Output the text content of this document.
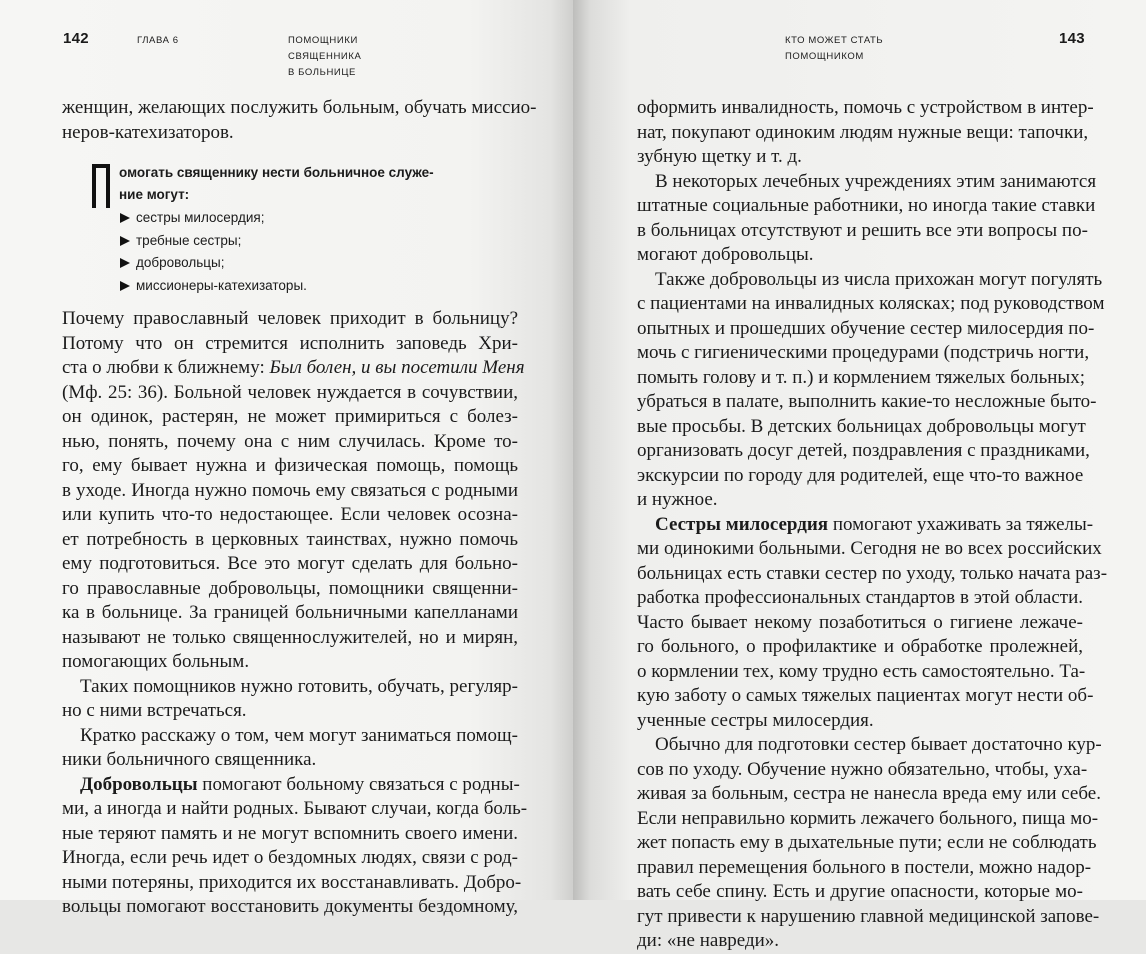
142	ГЛАВА 6	ПОМОЩНИКИ
СВЯЩЕННИКА
В БОЛЬНИЦЕ
женщин, желающих послужить больным, обучать миссио-
неров-катехизаторов.
омогать священнику нести больничное служе-
ние могут:
сестры милосердия;
требные сестры;
добровольцы;
миссионеры-катехизаторы.
Почему православный человек приходит в больницу?
Потому что он стремится исполнить заповедь Хри-
ста о любви к ближнему: Был болен, и вы посетили Меня
(Мф. 25: 36). Больной человек нуждается в сочувствии,
он одинок, растерян, не может примириться с болез-
нью, понять, почему она с ним случилась. Кроме то-
го, ему бывает нужна и физическая помощь, помощь
в уходе. Иногда нужно помочь ему связаться с родными
или купить что-то недостающее. Если человек осозна-
ет потребность в церковных таинствах, нужно помочь
ему подготовиться. Все это могут сделать для больно-
го православные добровольцы, помощники священни-
ка в больнице. За границей больничными капелланами
называют не только священнослужителей, но и мирян,
помогающих больным.
Таких помощников нужно готовить, обучать, регуляр-
но с ними встречаться.
Кратко расскажу о том, чем могут заниматься помощ-
ники больничного священника.
Добровольцы помогают больному связаться с родны-
ми, а иногда и найти родных. Бывают случаи, когда боль-
ные теряют память и не могут вспомнить своего имени.
Иногда, если речь идет о бездомных людях, связи с род-
ными потеряны, приходится их восстанавливать. Добро-
вольцы помогают восстановить документы бездомному,
КТО МОЖЕТ СТАТЬ
ПОМОЩНИКОМ
143
оформить инвалидность, помочь с устройством в интер-
нат, покупают одиноким людям нужные вещи: тапочки,
зубную щетку и т. д.
В некоторых лечебных учреждениях этим занимаются
штатные социальные работники, но иногда такие ставки
в больницах отсутствуют и решить все эти вопросы по-
могают добровольцы.
Также добровольцы из числа прихожан могут погулять
с пациентами на инвалидных колясках; под руководством
опытных и прошедших обучение сестер милосердия по-
мочь с гигиеническими процедурами (подстричь ногти,
помыть голову и т. п.) и кормлением тяжелых больных;
убраться в палате, выполнить какие-то несложные быто-
вые просьбы. В детских больницах добровольцы могут
организовать досуг детей, поздравления с праздниками,
экскурсии по городу для родителей, еще что-то важное
и нужное.
Сестры милосердия помогают ухаживать за тяжелы-
ми одинокими больными. Сегодня не во всех российских
больницах есть ставки сестер по уходу, только начата раз-
работка профессиональных стандартов в этой области.
Часто бывает некому позаботиться о гигиене лежаче-
го больного, о профилактике и обработке пролежней,
о кормлении тех, кому трудно есть самостоятельно. Та-
кую заботу о самых тяжелых пациентах могут нести об-
ученные сестры милосердия.
Обычно для подготовки сестер бывает достаточно кур-
сов по уходу. Обучение нужно обязательно, чтобы, уха-
живая за больным, сестра не нанесла вреда ему или себе.
Если неправильно кормить лежачего больного, пища мо-
жет попасть ему в дыхательные пути; если не соблюдать
правил перемещения больного в постели, можно надор-
вать себе спину. Есть и другие опасности, которые мо-
гут привести к нарушению главной медицинской запове-
ди: «не навреди».
